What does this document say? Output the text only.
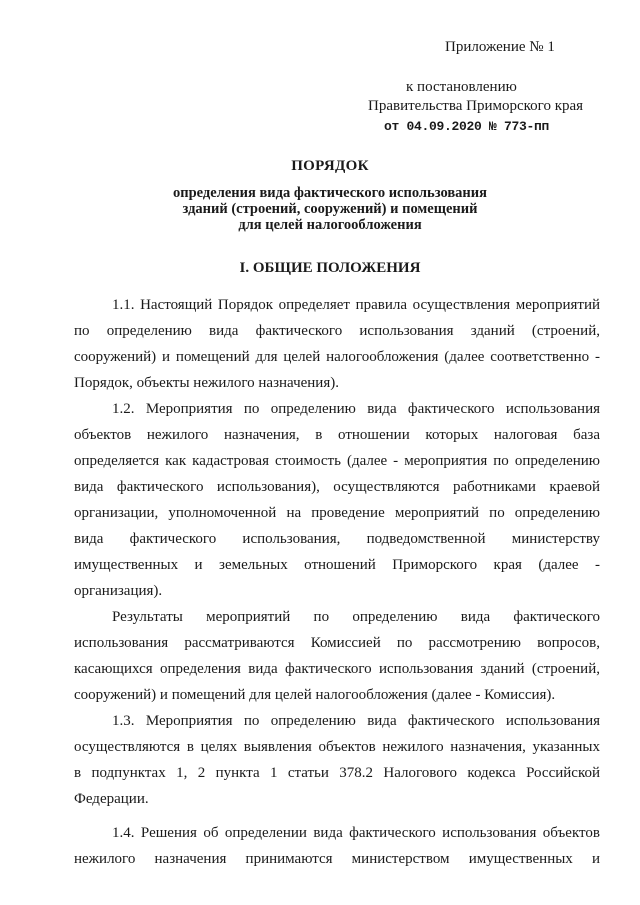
Приложение № 1
к постановлению
Правительства Приморского края
от 04.09.2020 № 773-пп
ПОРЯДОК
определения вида фактического использования
зданий (строений, сооружений) и помещений
для целей налогообложения
I. ОБЩИЕ ПОЛОЖЕНИЯ
1.1. Настоящий Порядок определяет правила осуществления мероприятий
по определению вида фактического использования зданий (строений,
сооружений) и помещений для целей налогообложения (далее соответственно -
Порядок, объекты нежилого назначения).
1.2. Мероприятия по определению вида фактического использования
объектов нежилого назначения, в отношении которых налоговая база
определяется как кадастровая стоимость (далее - мероприятия по определению
вида фактического использования), осуществляются работниками краевой
организации, уполномоченной на проведение мероприятий по определению
вида фактического использования, подведомственной министерству
имущественных и земельных отношений Приморского края (далее -
организация).
Результаты мероприятий по определению вида фактического
использования рассматриваются Комиссией по рассмотрению вопросов,
касающихся определения вида фактического использования зданий (строений,
сооружений) и помещений для целей налогообложения (далее - Комиссия).
1.3. Мероприятия по определению вида фактического использования
осуществляются в целях выявления объектов нежилого назначения, указанных
в подпунктах 1, 2 пункта 1 статьи 378.2 Налогового кодекса Российской
Федерации.
1.4. Решения об определении вида фактического использования объектов
нежилого назначения принимаются министерством имущественных и
